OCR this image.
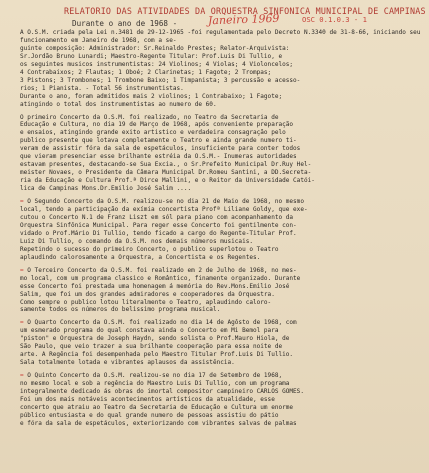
RELATORIO DAS ATIVIDADES DA ORQUESTRA SINFONICA MUNICIPAL DE CAMPINAS
Durante o ano de 1968 -	Janeiro 1969	OSC 0.1.0.3 - 1

A O.S.M. criada pela Lei n.3481 de 29-12-1965 -foi regulamentada pelo Decreto N.3340 de 31-8-66, iniciando seu funcionamento em Janeiro de 1968, com a se-
guinte composição: Administrador: Sr.Reinaldo Prestes; Relator-Arquivista:
Sr.Jordão Bruno Lunardi; Maestro-Regente Titular: Prof.Luis Di Tullio, e
os seguintes musicos instrumentistas: 24 Violinos; 4 Violas; 4 Violoncelos;
4 Contrabaixos; 2 Flautas; 1 Oboé; 2 Clarinetas; 1 Fagote; 2 Trompas;
3 Pistons; 3 Trombones; 1 Trombone Baixo; 1 Timpanista; 3 percussão e acesso-
rios; 1 Pianista. - Total 56 instrumentistas.
Durante o ano, foram admitidos mais 2 violinos; 1 Contrabaixo; 1 Fagote;
atingindo o total dos instrumentistas ao numero de 60.

O primeiro Concerto da O.S.M. foi realizado, no Teatro da Secretaria de
Educação e Cultura, no dia 19 de Março de 1968, após conveniente preparação
e ensaios, atingindo grande exito artistico e verdadeira consagração pelo
publico presente que lotava completamente o Teatro e ainda grande numero ti-
veram de assistir fóra da sala de espetáculos, insuficiente para conter todos
que vieram presenciar esse brilhante estréia da O.S.M.- Inumeras autoridades
estavam presentes, destacando-se Sua Excia., o Sr.Prefeito Municipal Dr.Ruy Hel-
meister Novaes, o Presidente da Câmara Municipal Dr.Romeu Santini, a DD.Secreta-
ria da Educação e Cultura Prof.ª Dirce Mallini, e o Reitor da Universidade Catói-
lica de Campinas Mons.Dr.Emilio José Salim ....

= O Segundo Concerto da O.S.M. realizou-se no dia 21 de Maio de 1968, no mesmo
local, tendo a participação da exímia concertista Profª Liliane Goldy, que exe-
cutou o Concerto N.1 de Franz Liszt em sól para piano com acompanhamento da
Orquestra Sinfônica Municipal. Para reger esse Concerto foi gentilmente con-
vidado o Prof.Mário Di Tullio, tendo ficado a cargo do Regente-Titular Prof.
Luiz Di Tullio, o comando da O.S.M. nos demais números musicais.
Repetindo o sucesso do primeiro Concerto, o publico superlotou o Teatro
aplaudindo calorosamente a Orquestra, a Concertista e os Regentes.

= O Terceiro Concerto da O.S.M. foi realizado em 2 de Julho de 1968, no mes-
mo local, com um programa classico e Romântico, finamente organizado. Durante
esse Concerto foi prestada uma homenagem á memória do Rev.Mons.Emilio José
Salim, que foi um dos grandes admiradores e cooperadores da Orquestra.
Como sempre o publico lotou literalmente o Teatro, aplaudindo caloro-
samente todos os números do belissimo programa musical.

= O Quarto Concerto da O.S.M. foi realizado no dia 14 de Agôsto de 1968, com
um esmerado programa do qual constava ainda o Concerto em Mi Bemol para
"piston" e Orquestra de Joseph Haydn, sendo solista o Prof.Mauro Hiola, de
São Paulo, que veio trazer a sua brilhante cooperação para essa noite de
arte. A Regência foi desempenhada pelo Maestro Titular Prof.Luis Di Tullio.
Sala totalmente lotada e vibrantes aplausos da assistência.

= O Quinto Concerto da O.S.M. realizou-se no dia 17 de Setembro de 1968,
no mesmo local e sob a regência do Maestro Luis Di Tullio, com um programa
integralmente dedicado ás obras do imortal compositor campineiro CARLOS GOMES.
Foi um dos mais notáveis acontecimentos artísticos da atualidade, esse
concerto que atraiu ao Teatro da Secretaria de Educação e Cultura um enorme
público entusiasta e do qual grande numero de pessoas assistiu do pátio
e fóra da sala de espetáculos, exteriorizando com vibrantes salvas de palmas
